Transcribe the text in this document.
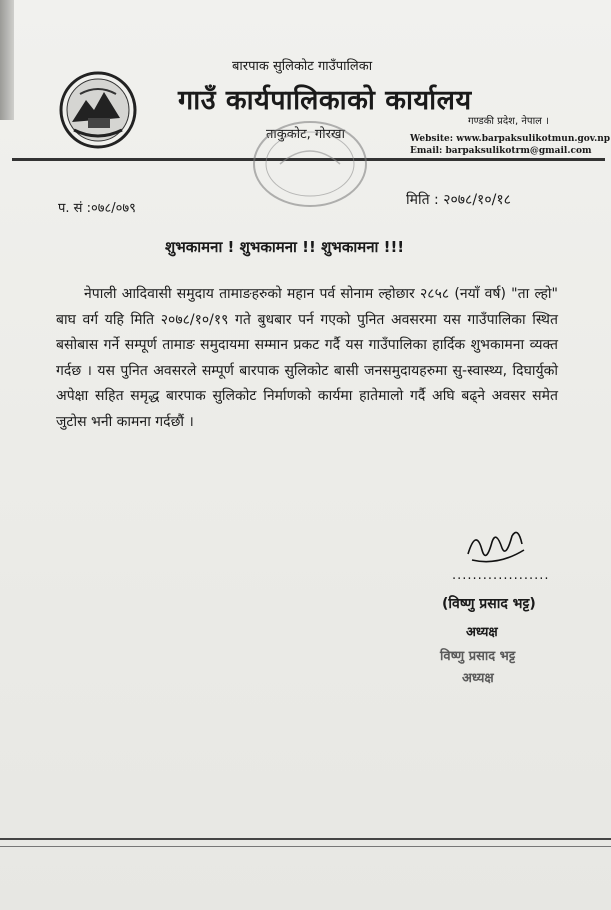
बारपाक सुलिकोट गाउँपालिका
गाउँ कार्यपालिकाको कार्यालय
ताकुकोट, गोरखा
गण्डकी प्रदेश, नेपाल ।
Website: www.barpaksulikotmun.gov.np
Email: barpaksulikotrm@gmail.com
प. सं :०७८/०७९
मिति : २०७८/१०/१८
शुभकामना ! शुभकामना !! शुभकामना !!!

नेपाली आदिवासी समुदाय तामाङहरुको महान पर्व सोनाम ल्होछार २८५८ (नयाँ वर्ष) "ता ल्हो" बाघ वर्ग यहि मिति २०७८/१०/१९ गते बुधबार पर्न गएको पुनित अवसरमा यस गाउँपालिका स्थित बसोबास गर्ने सम्पूर्ण तामाङ समुदायमा सम्मान प्रकट गर्दै यस गाउँपालिका हार्दिक शुभकामना व्यक्त गर्दछ । यस पुनित अवसरले सम्पूर्ण बारपाक सुलिकोट बासी जनसमुदायहरुमा सु-स्वास्थ्य, दिघार्युको अपेक्षा सहित समृद्ध बारपाक सुलिकोट निर्माणको कार्यमा हातेमालो गर्दै अघि बढ्ने अवसर समेत जुटोस भनी कामना गर्दछौं ।

...................
(विष्णु प्रसाद भट्ट)
अध्यक्ष
विष्णु प्रसाद भट्ट
अध्यक्ष
